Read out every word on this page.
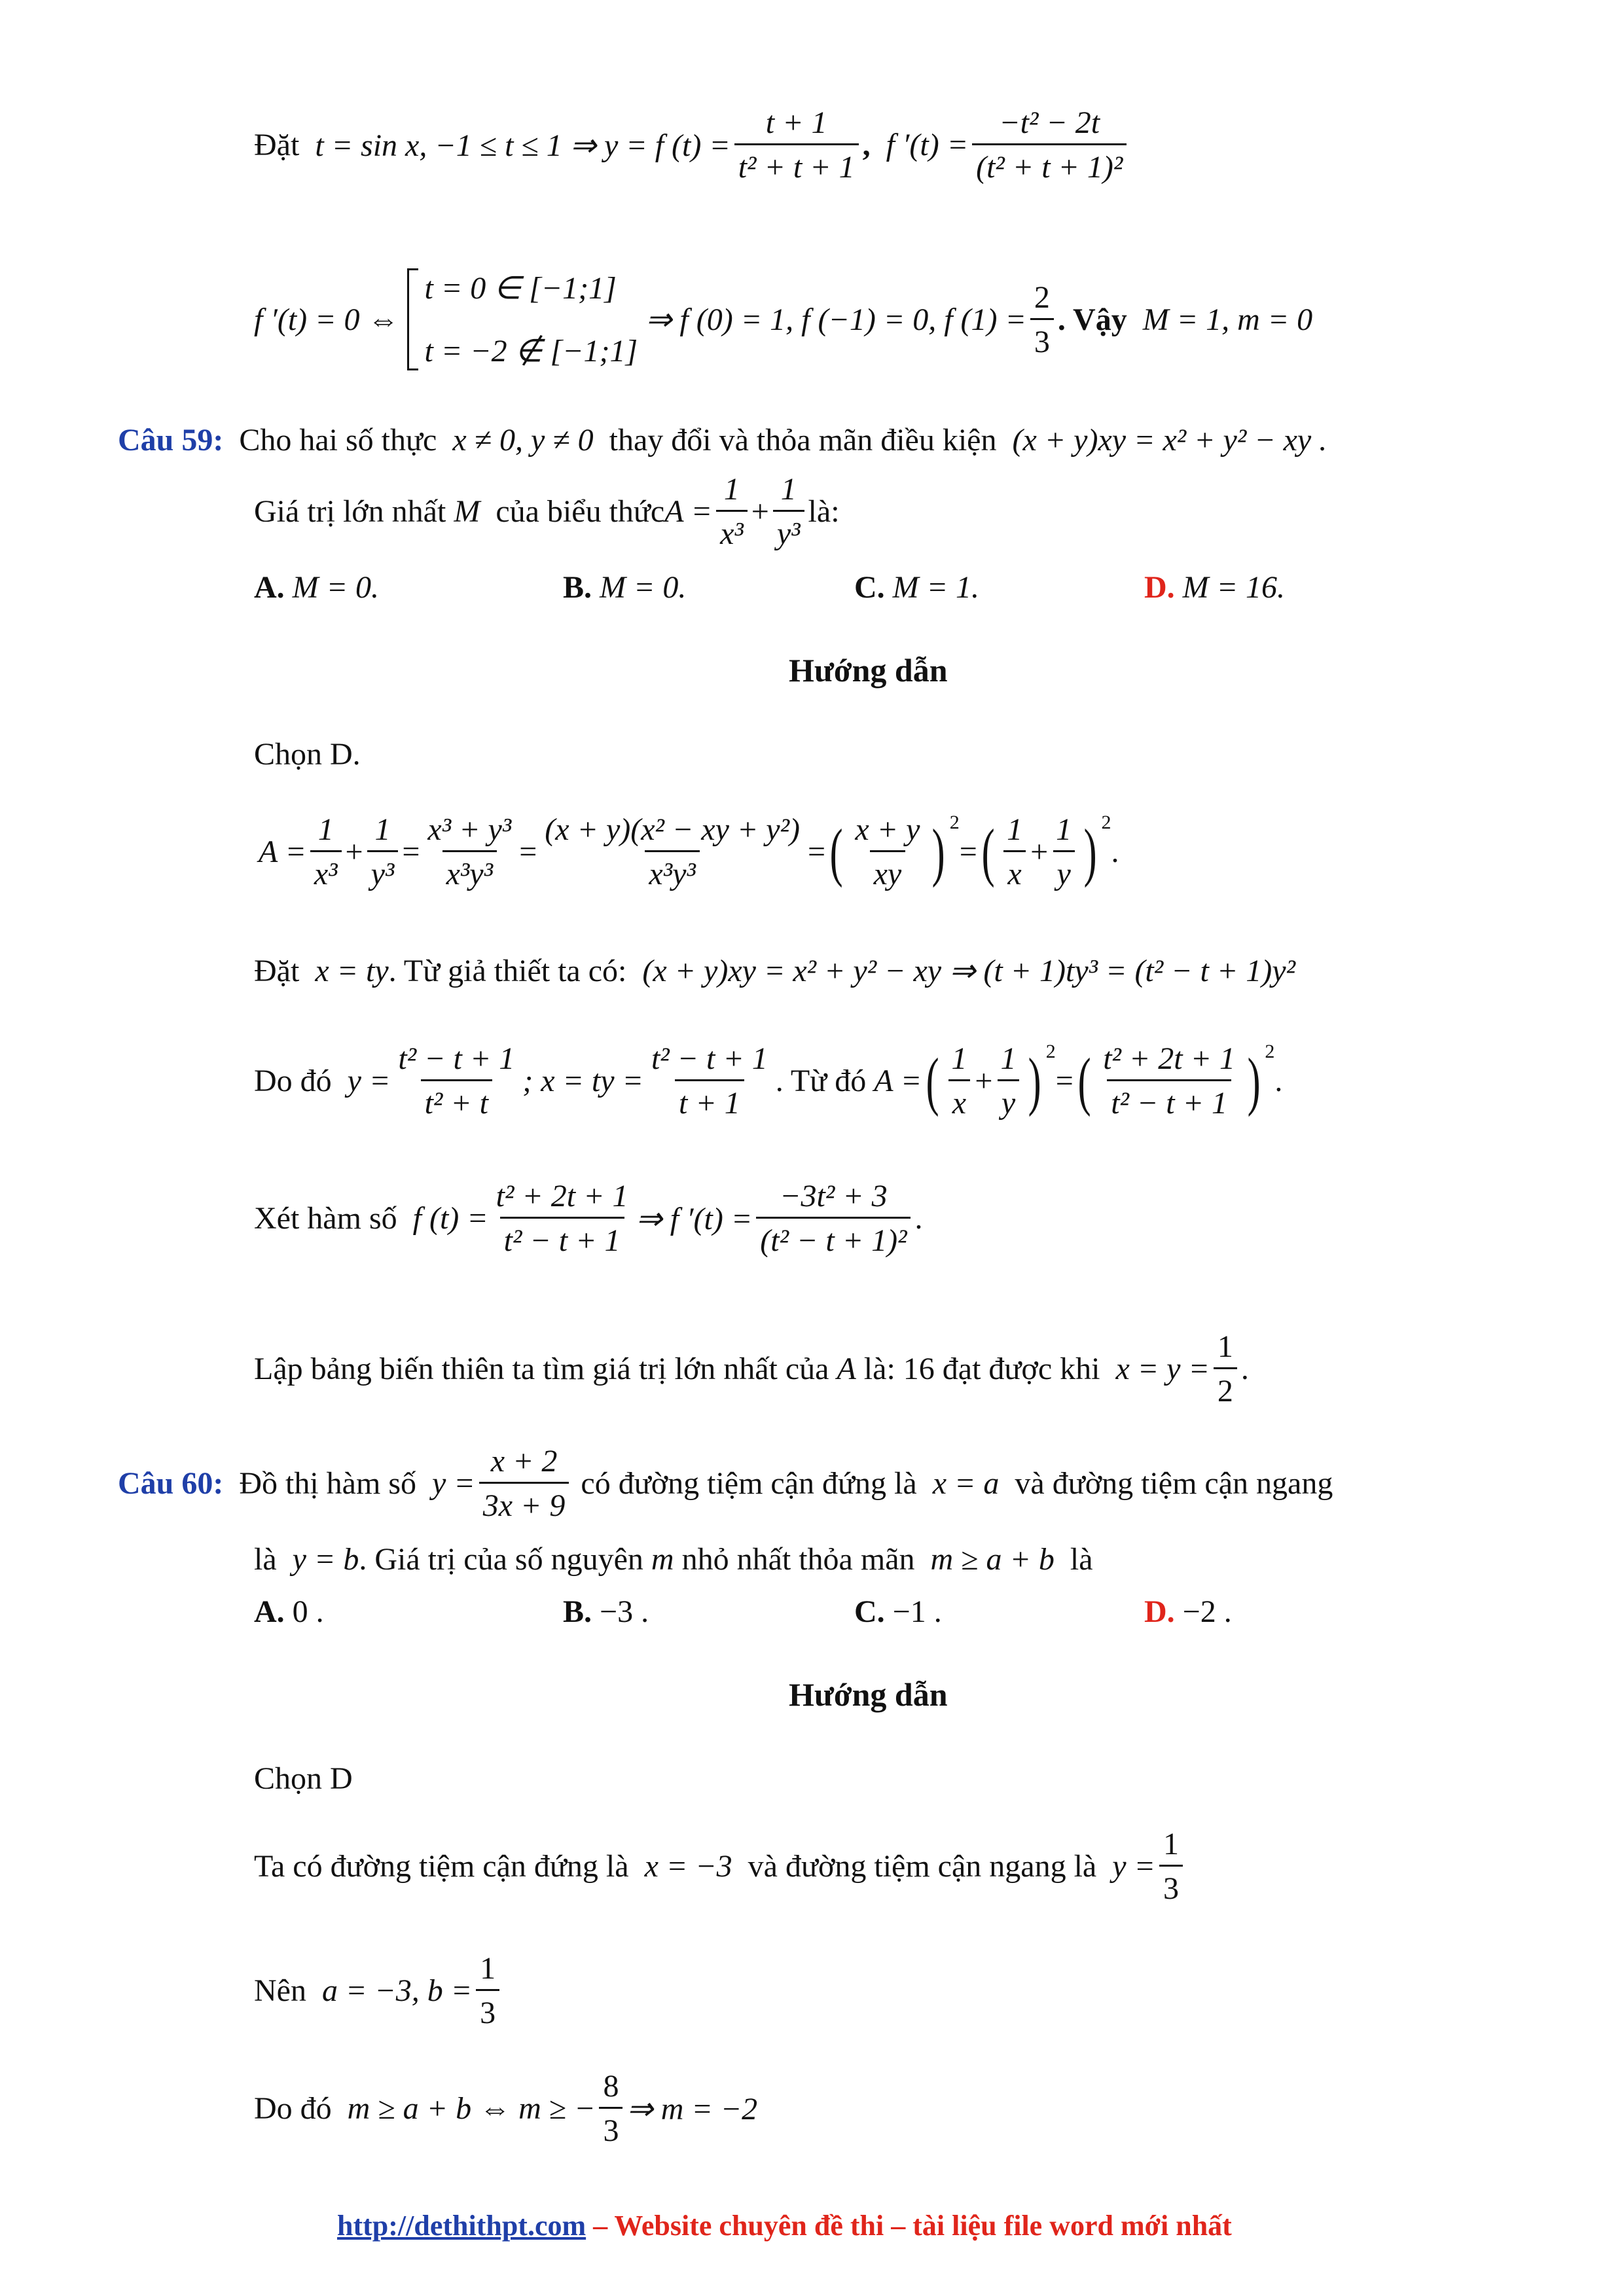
Đặt
t = sin x, −1 ≤ t ≤ 1 ⇒ y = f $(t) = \frac{t + 1}{\text{t² + t + 1}}$ ,
f $'(t) = \frac{\text{−t² − 2t}}{\text{(t² + t + 1)²}}$
f ′(t) = 0 ⇔

t = 0 ∈ [−1;1]
t = −2 ∉ [−1;1]

⇒ f (0) = 1, f (−1) = 0, f $(1) = \frac{2}{3}$ . Vậy
M = 1, m = 0
Câu 59:
Cho hai số thực
x ≠ 0, y ≠ 0
thay đổi và thỏa mãn điều kiện
(x + y)xy = x² + y² − xy .
Giá trị lớn nhất
M
của biểu thức $A = \frac{1}{\text{x³}} + \frac{1}{\text{y³}}$ là:
A.
M = 0.	B.
M = 0.	C.
M = 1.	D.
M = 16.
Hướng dẫn
Chọn D.
$A = \frac{1}{\text{x³}} + \frac{1}{\text{y³}} = \frac{\text{x³ + y³}}{\text{x³y³}} = \frac{\text{(x + y)(x² − xy + y²)}}{\text{x³y³}}$ = ( $\frac{x + y}{xy} )^2$
= ( $\frac{1}{x} + \frac{1}{y} )^2$
.
Đặt
x = ty . Từ giả thiết ta có:
(x + y)xy = x² + y² − xy ⇒ (t + 1)ty³ = (t² − t + 1)y²
Do đó
$y = \frac{\text{t² − t + 1}}{\text{t² + t}}$ ; x = ty = $\frac{\text{t² − t + 1}}{t + 1}$ . Từ đó
A = ( $\frac{1}{x} + \frac{1}{y} )^2$
= ( $\frac{\text{t² + 2t + 1}}{\text{t² − t + 1}} )^2$
.
Xét hàm số
f $(t) = \frac{\text{t² + 2t + 1}}{\text{t² − t + 1}}$ ⇒ f $'(t) = \frac{\text{−3t² + 3}}{\text{(t² − t + 1)²}}$ .
Lập bảng biến thiên ta tìm giá trị lớn nhất của
A
là: 16 đạt được khi
$x = y = \frac{1}{2}$ .
Câu 60:
Đồ thị hàm số
$y = \frac{x + 2}{3x + 9}$
có đường tiệm cận đứng là
x = a
và đường tiệm cận ngang
là
y = b . Giá trị của số nguyên
m
nhỏ nhất thỏa mãn
m ≥ a + b
là
A.
0 .	B.
−3 .	C.
−1 .	D.
−2 .
Hướng dẫn
Chọn D
Ta có đường tiệm cận đứng là
x = −3
và đường tiệm cận ngang là
$y = \frac{1}{3}$
Nên
a = −3, $b = \frac{1}{3}$
Do đó
m ≥ a + b ⇔ m ≥ − $\frac{8}{3}$ ⇒ m = −2
http://dethithpt.com – Website chuyên đề thi – tài liệu file word mới nhất
